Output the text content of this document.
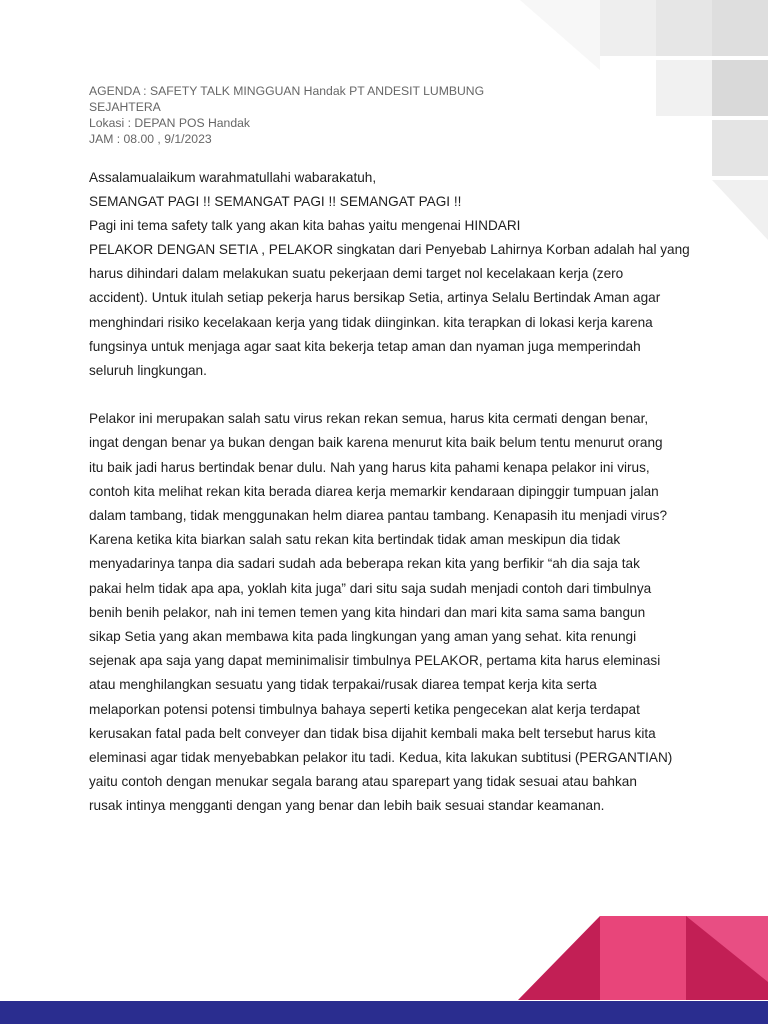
AGENDA : SAFETY TALK MINGGUAN Handak PT ANDESIT LUMBUNG
SEJAHTERA
Lokasi : DEPAN POS Handak
JAM : 08.00 , 9/1/2023
Assalamualaikum warahmatullahi wabarakatuh,
SEMANGAT PAGI !! SEMANGAT PAGI !! SEMANGAT PAGI !!
Pagi ini tema safety talk yang akan kita bahas yaitu mengenai HINDARI
PELAKOR DENGAN SETIA , PELAKOR singkatan dari Penyebab Lahirnya Korban adalah hal yang
harus dihindari dalam melakukan suatu pekerjaan demi target nol kecelakaan kerja (zero
accident). Untuk itulah setiap pekerja harus bersikap Setia, artinya Selalu Bertindak Aman agar
menghindari risiko kecelakaan kerja yang tidak diinginkan. kita terapkan di lokasi kerja karena
fungsinya untuk menjaga agar saat kita bekerja tetap aman dan nyaman juga memperindah
seluruh lingkungan.
Pelakor ini merupakan salah satu virus rekan rekan semua, harus kita cermati dengan benar,
ingat dengan benar ya bukan dengan baik karena menurut kita baik belum tentu menurut orang
itu baik jadi harus bertindak benar dulu. Nah yang harus kita pahami kenapa pelakor ini virus,
contoh kita melihat rekan kita berada diarea kerja memarkir kendaraan dipinggir tumpuan jalan
dalam tambang, tidak menggunakan helm diarea pantau tambang. Kenapasih itu menjadi virus?
Karena ketika kita biarkan salah satu rekan kita bertindak tidak aman meskipun dia tidak
menyadarinya tanpa dia sadari sudah ada beberapa rekan kita yang berfikir “ah dia saja tak
pakai helm tidak apa apa, yoklah kita juga” dari situ saja sudah menjadi contoh dari timbulnya
benih benih pelakor, nah ini temen temen yang kita hindari dan mari kita sama sama bangun
sikap Setia yang akan membawa kita pada lingkungan yang aman yang sehat. kita renungi
sejenak apa saja yang dapat meminimalisir timbulnya PELAKOR, pertama kita harus eleminasi
atau menghilangkan sesuatu yang tidak terpakai/rusak diarea tempat kerja kita serta
melaporkan potensi potensi timbulnya bahaya seperti ketika pengecekan alat kerja terdapat
kerusakan fatal pada belt conveyer dan tidak bisa dijahit kembali maka belt tersebut harus kita
eleminasi agar tidak menyebabkan pelakor itu tadi. Kedua, kita lakukan subtitusi (PERGANTIAN)
yaitu contoh dengan menukar segala barang atau sparepart yang tidak sesuai atau bahkan
rusak intinya mengganti dengan yang benar dan lebih baik sesuai standar keamanan.
